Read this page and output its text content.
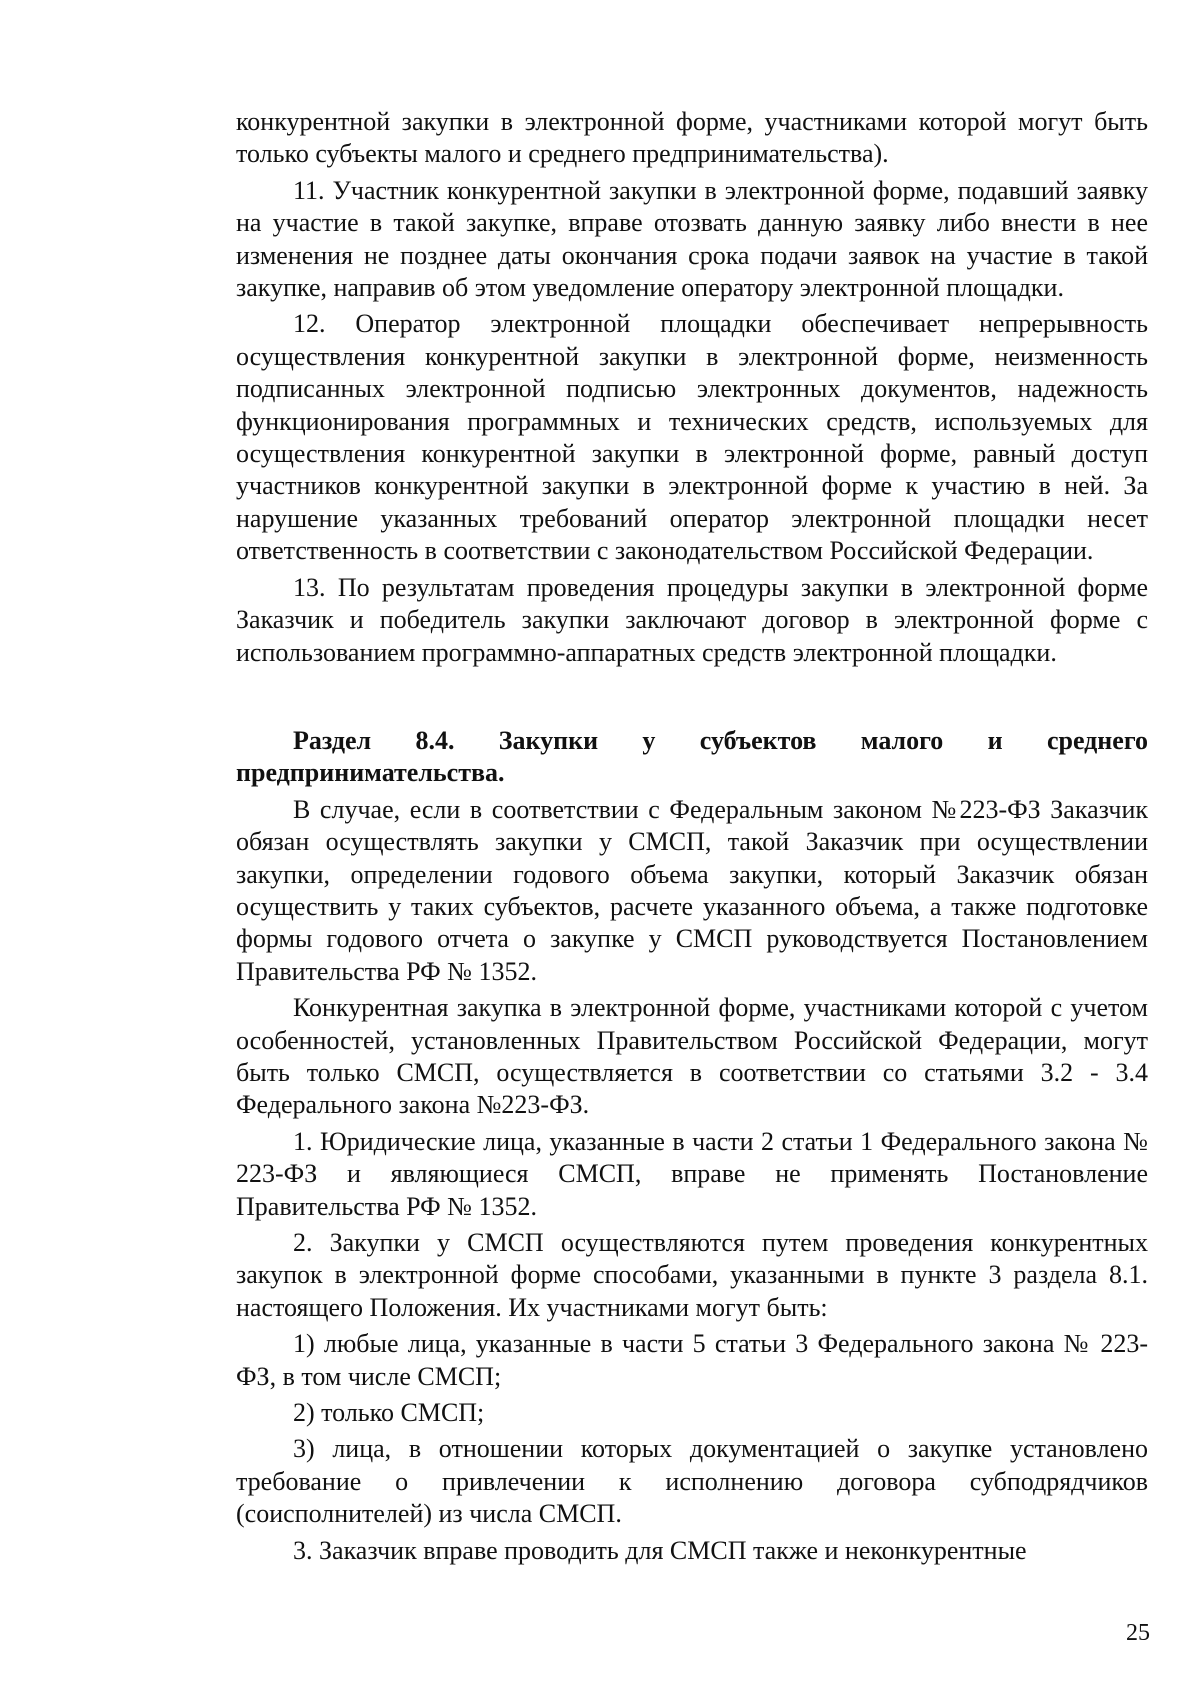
конкурентной закупки в электронной форме, участниками которой могут быть только субъекты малого и среднего предпринимательства).

11. Участник конкурентной закупки в электронной форме, подавший заявку на участие в такой закупке, вправе отозвать данную заявку либо внести в нее изменения не позднее даты окончания срока подачи заявок на участие в такой закупке, направив об этом уведомление оператору электронной площадки.

12. Оператор электронной площадки обеспечивает непрерывность осуществления конкурентной закупки в электронной форме, неизменность подписанных электронной подписью электронных документов, надежность функционирования программных и технических средств, используемых для осуществления конкурентной закупки в электронной форме, равный доступ участников конкурентной закупки в электронной форме к участию в ней. За нарушение указанных требований оператор электронной площадки несет ответственность в соответствии с законодательством Российской Федерации.

13. По результатам проведения процедуры закупки в электронной форме Заказчик и победитель закупки заключают договор в электронной форме с использованием программно-аппаратных средств электронной площадки.

Раздел 8.4. Закупки у субъектов малого и среднего предпринимательства.

В случае, если в соответствии с Федеральным законом №223-ФЗ Заказчик обязан осуществлять закупки у СМСП, такой Заказчик при осуществлении закупки, определении годового объема закупки, который Заказчик обязан осуществить у таких субъектов, расчете указанного объема, а также подготовке формы годового отчета о закупке у СМСП руководствуется Постановлением Правительства РФ № 1352.

Конкурентная закупка в электронной форме, участниками которой с учетом особенностей, установленных Правительством Российской Федерации, могут быть только СМСП, осуществляется в соответствии со статьями 3.2 - 3.4 Федерального закона №223-ФЗ.

1. Юридические лица, указанные в части 2 статьи 1 Федерального закона № 223-ФЗ и являющиеся СМСП, вправе не применять Постановление Правительства РФ № 1352.

2. Закупки у СМСП осуществляются путем проведения конкурентных закупок в электронной форме способами, указанными в пункте 3 раздела 8.1. настоящего Положения. Их участниками могут быть:

1) любые лица, указанные в части 5 статьи 3 Федерального закона № 223-ФЗ, в том числе СМСП;

2) только СМСП;

3) лица, в отношении которых документацией о закупке установлено требование о привлечении к исполнению договора субподрядчиков (соисполнителей) из числа СМСП.

3. Заказчик вправе проводить для СМСП также и неконкурентные

25
